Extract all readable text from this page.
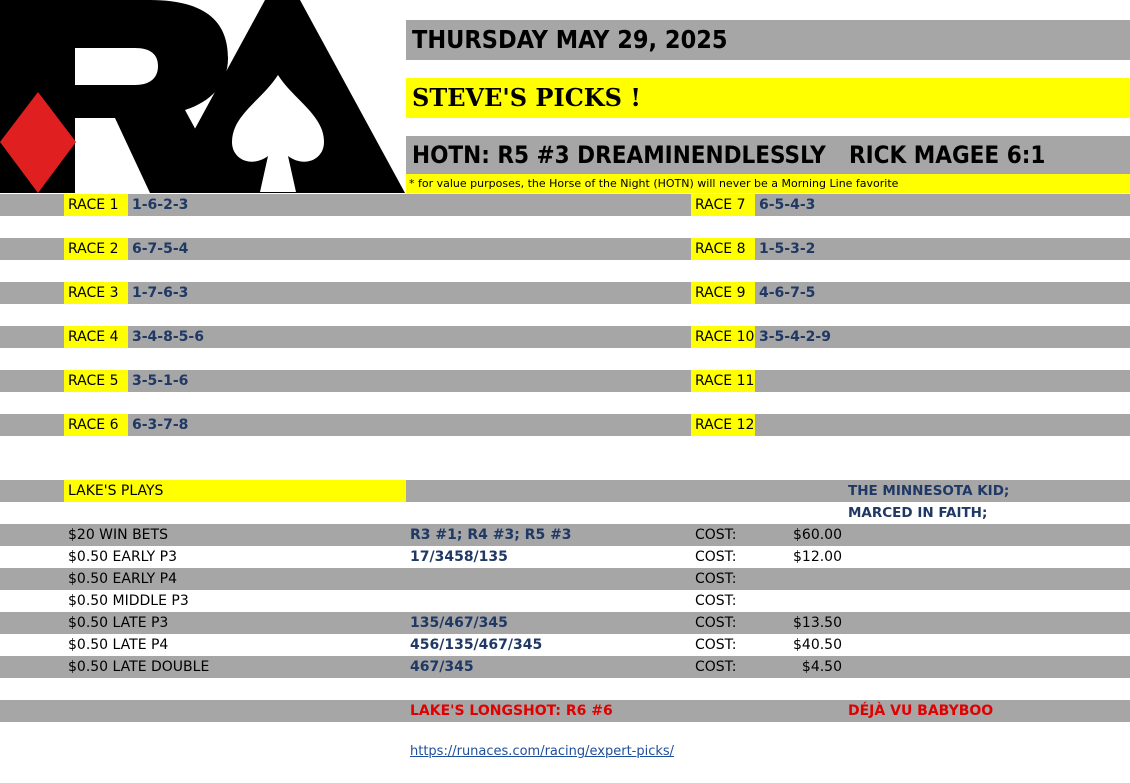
THURSDAY MAY 29, 2025
STEVE'S PICKS !
HOTN: R5 #3 DREAMINENDLESSLY RICK MAGEE 6:1
* for value purposes, the Horse of the Night (HOTN) will never be a Morning Line favorite
RACE 1 1-6-2-3	RACE 7 6-5-4-3
RACE 2 6-7-5-4	RACE 8 1-5-3-2
RACE 3 1-7-6-3	RACE 9 4-6-7-5
RACE 4 3-4-8-5-6	RACE 10 3-5-4-2-9
RACE 5 3-5-1-6	RACE 11
RACE 6 6-3-7-8	RACE 12
LAKE'S PLAYS	THE MINNESOTA KID;
MARCED IN FAITH;
$20 WIN BETS	R3 #1; R4 #3; R5 #3	COST:	$60.00
$0.50 EARLY P3	17/3458/135	COST:	$12.00
$0.50 EARLY P4	COST:
$0.50 MIDDLE P3	COST:
$0.50 LATE P3	135/467/345	COST:	$13.50
$0.50 LATE P4	456/135/467/345	COST:	$40.50
$0.50 LATE DOUBLE	467/345	COST:	$4.50
LAKE'S LONGSHOT: R6 #6	DÉJÀ VU BABYBOO
https://runaces.com/racing/expert-picks/
